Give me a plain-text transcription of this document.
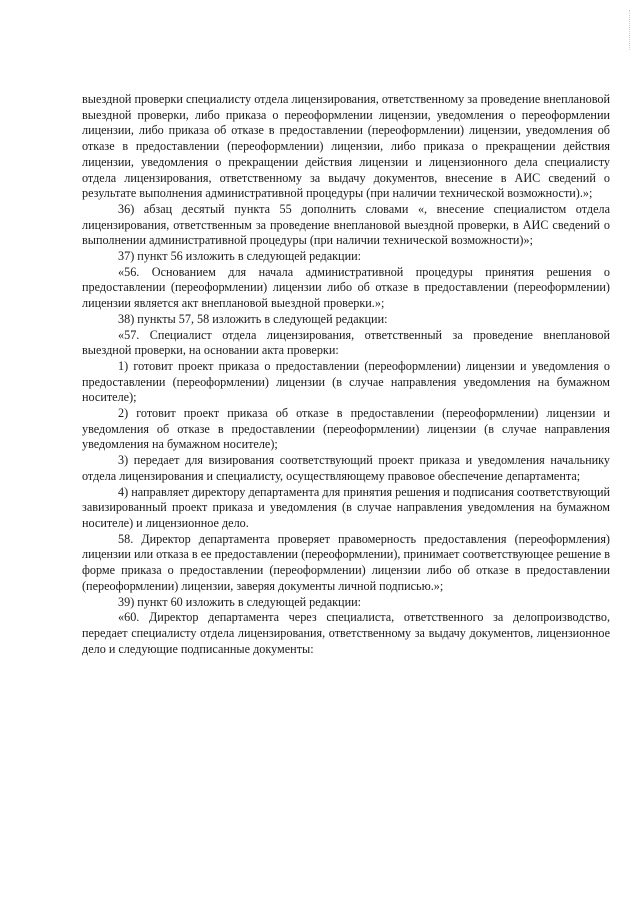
выездной проверки специалисту отдела лицензирования, ответственному за проведение внеплановой выездной проверки, либо приказа о переоформлении лицензии, уведомления о переоформлении лицензии, либо приказа об отказе в предоставлении (переоформлении) лицензии, уведомления об отказе в предоставлении (переоформлении) лицензии, либо приказа о прекращении действия лицензии, уведомления о прекращении действия лицензии и лицензионного дела специалисту отдела лицензирования, ответственному за выдачу документов, внесение в АИС сведений о результате выполнения административной процедуры (при наличии технической возможности).»;

36) абзац десятый пункта 55 дополнить словами «, внесение специалистом отдела лицензирования, ответственным за проведение внеплановой выездной проверки, в АИС сведений о выполнении административной процедуры (при наличии технической возможности)»;

37) пункт 56 изложить в следующей редакции:

«56. Основанием для начала административной процедуры принятия решения о предоставлении (переоформлении) лицензии либо об отказе в предоставлении (переоформлении) лицензии является акт внеплановой выездной проверки.»;

38) пункты 57, 58 изложить в следующей редакции:

«57. Специалист отдела лицензирования, ответственный за проведение внеплановой выездной проверки, на основании акта проверки:

1) готовит проект приказа о предоставлении (переоформлении) лицензии и уведомления о предоставлении (переоформлении) лицензии (в случае направления уведомления на бумажном носителе);

2) готовит проект приказа об отказе в предоставлении (переоформлении) лицензии и уведомления об отказе в предоставлении (переоформлении) лицензии (в случае направления уведомления на бумажном носителе);

3) передает для визирования соответствующий проект приказа и уведомления начальнику отдела лицензирования и специалисту, осуществляющему правовое обеспечение департамента;

4) направляет директору департамента для принятия решения и подписания соответствующий завизированный проект приказа и уведомления (в случае направления уведомления на бумажном носителе) и лицензионное дело.

58. Директор департамента проверяет правомерность предоставления (переоформления) лицензии или отказа в ее предоставлении (переоформлении), принимает соответствующее решение в форме приказа о предоставлении (переоформлении) лицензии либо об отказе в предоставлении (переоформлении) лицензии, заверяя документы личной подписью.»;

39) пункт 60 изложить в следующей редакции:

«60. Директор департамента через специалиста, ответственного за делопроизводство, передает специалисту отдела лицензирования, ответственному за выдачу документов, лицензионное дело и следующие подписанные документы:
